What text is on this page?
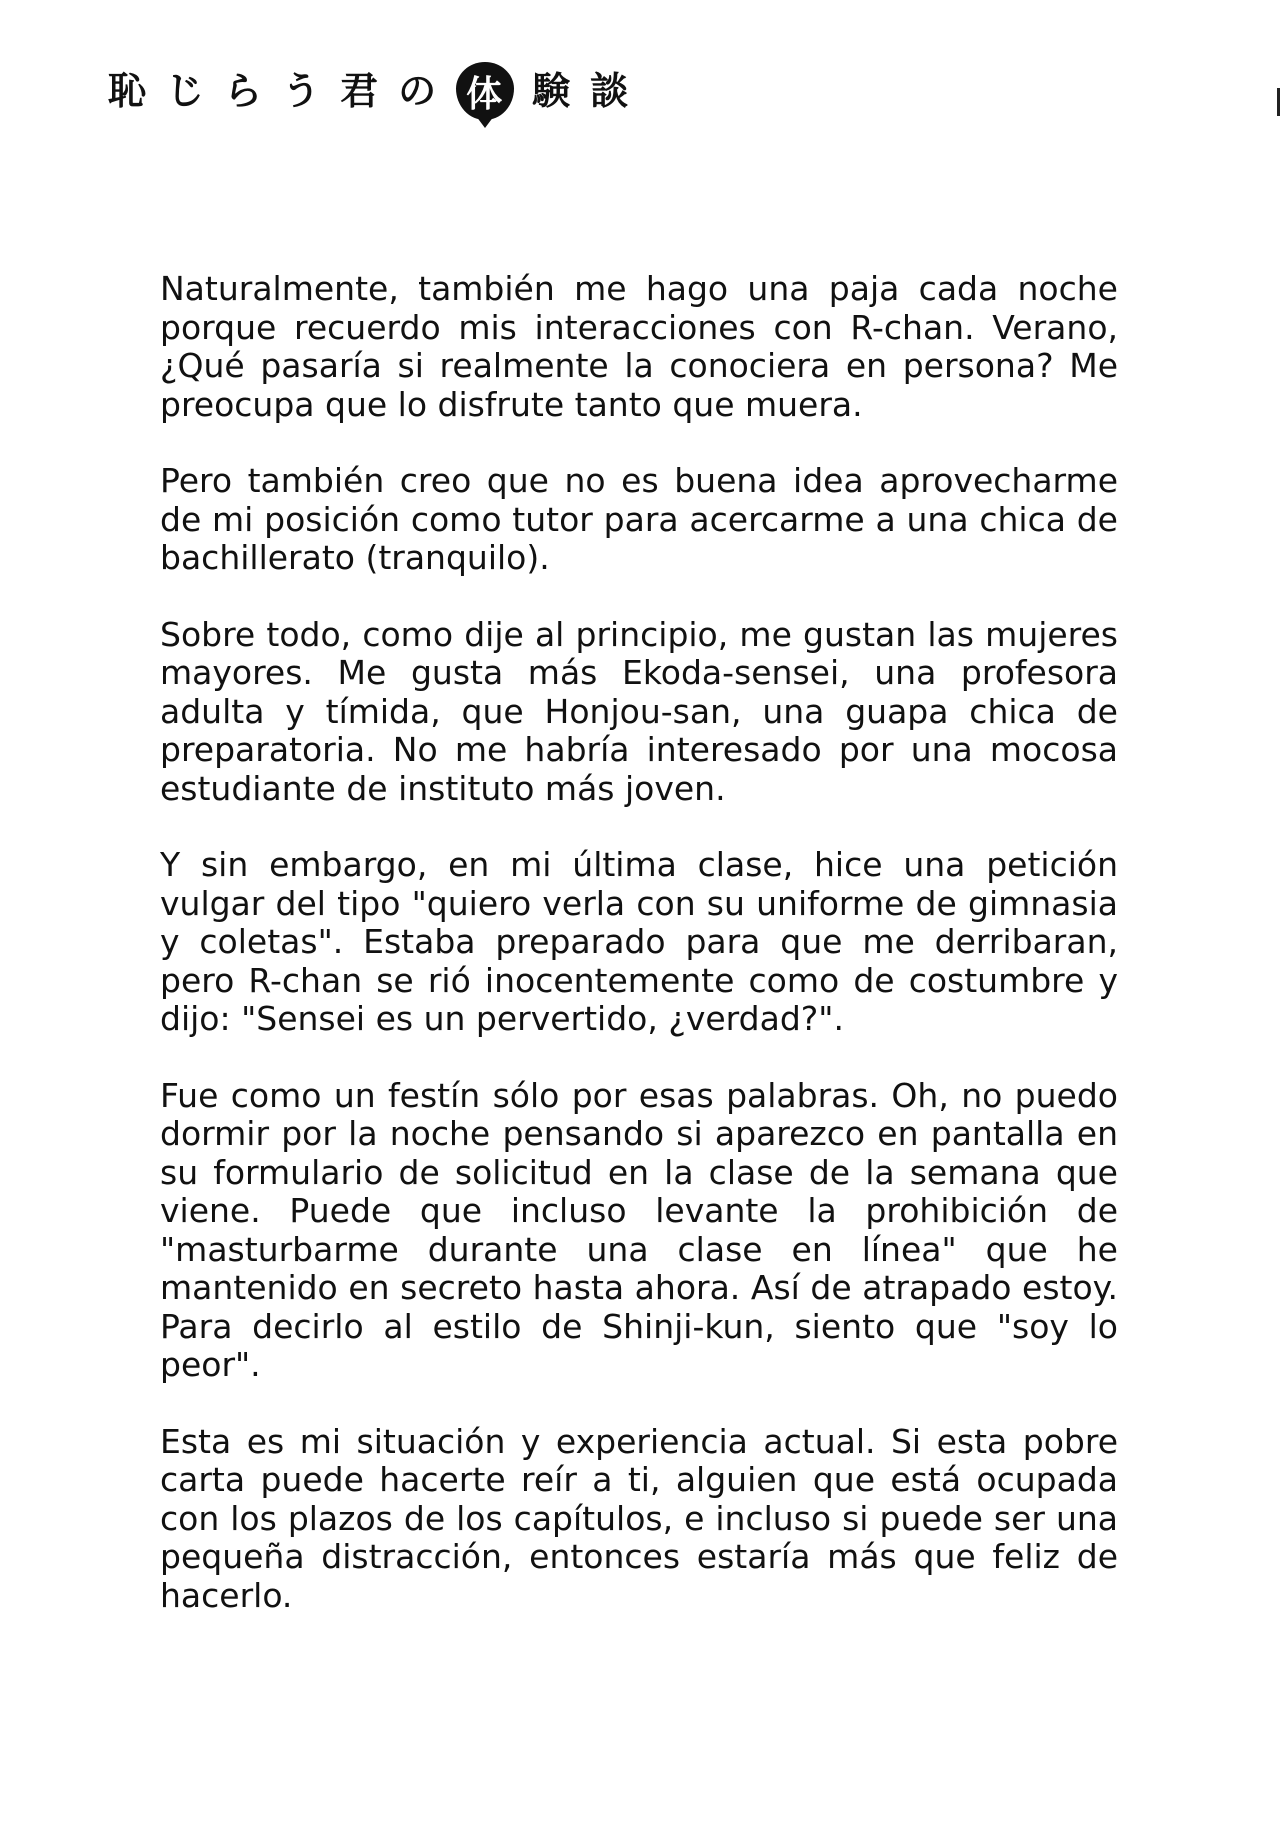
恥 じ ら う 君 の 体 験 談

Naturalmente, también me hago una paja cada noche porque recuerdo mis interacciones con R-chan. Verano, ¿Qué pasaría si realmente la conociera en persona? Me preocupa que lo disfrute tanto que muera.

Pero también creo que no es buena idea aprovecharme de mi posición como tutor para acercarme a una chica de bachillerato (tranquilo).

Sobre todo, como dije al principio, me gustan las mujeres mayores. Me gusta más Ekoda-sensei, una profesora adulta y tímida, que Honjou-san, una guapa chica de preparatoria. No me habría interesado por una mocosa estudiante de instituto más joven.

Y sin embargo, en mi última clase, hice una petición vulgar del tipo "quiero verla con su uniforme de gimnasia y coletas". Estaba preparado para que me derribaran, pero R-chan se rió inocentemente como de costumbre y dijo: "Sensei es un pervertido, ¿verdad?".

Fue como un festín sólo por esas palabras. Oh, no puedo dormir por la noche pensando si aparezco en pantalla en su formulario de solicitud en la clase de la semana que viene. Puede que incluso levante la prohibición de "masturbarme durante una clase en línea" que he mantenido en secreto hasta ahora. Así de atrapado estoy. Para decirlo al estilo de Shinji-kun, siento que "soy lo peor".

Esta es mi situación y experiencia actual. Si esta pobre carta puede hacerte reír a ti, alguien que está ocupada con los plazos de los capítulos, e incluso si puede ser una pequeña distracción, entonces estaría más que feliz de hacerlo.
